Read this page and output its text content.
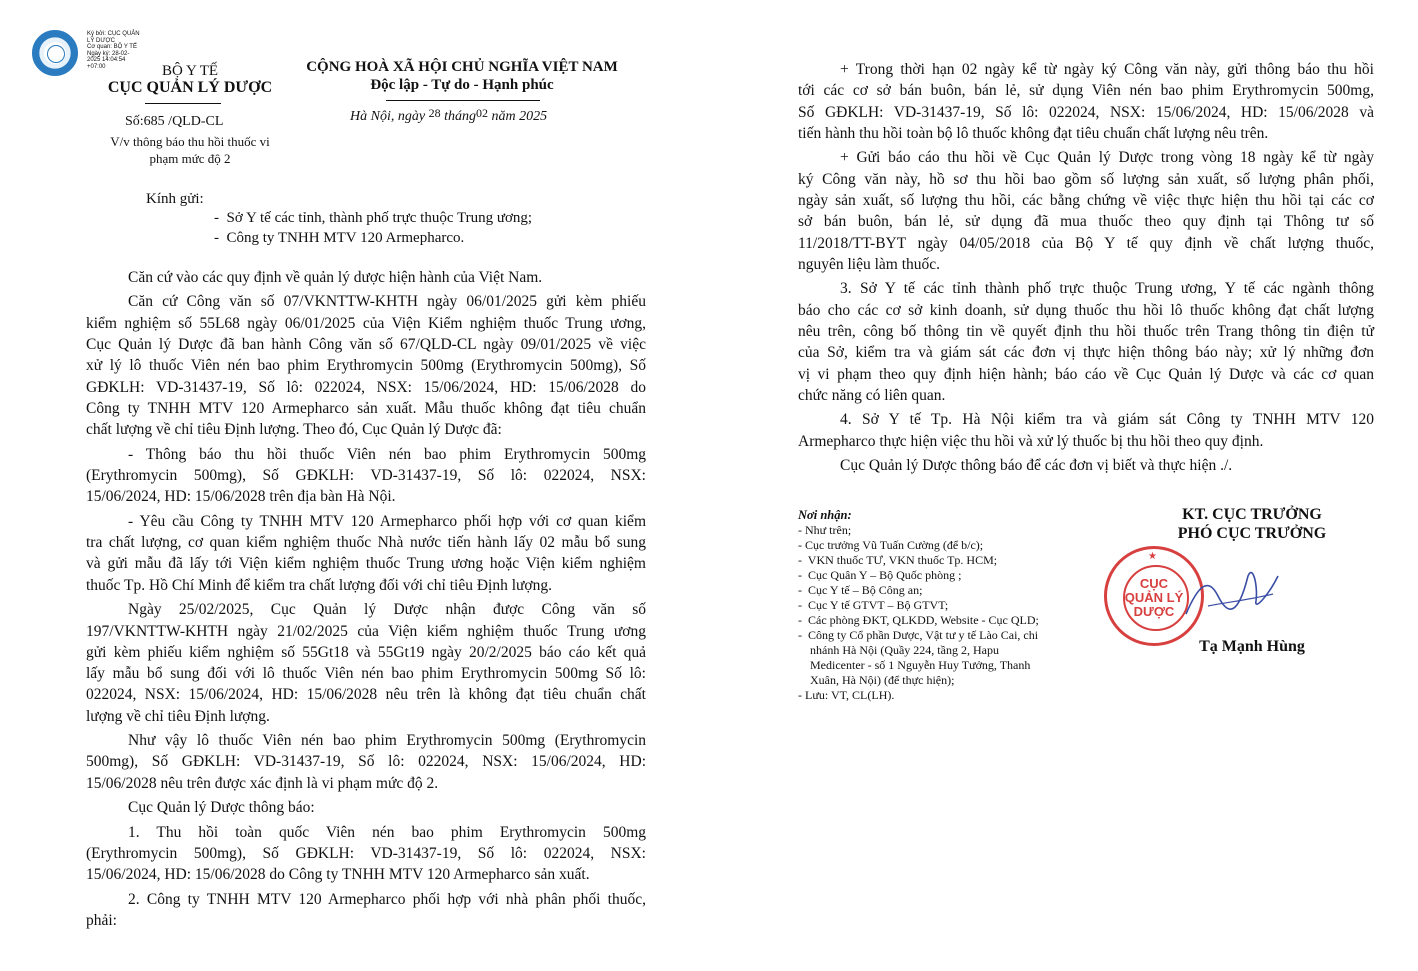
Ký bởi: CỤC QUẢN
LÝ DƯỢC
Cơ quan: BỘ Y TẾ
Ngày ký: 28-02-
2025 14:04:54
+07:00	BỘ Y TẾ
CỤC QUẢN LÝ DƯỢC
Số:685 /QLD-CL
V/v thông báo thu hồi thuốc vi
phạm mức độ 2
CỘNG HOÀ XÃ HỘI CHỦ NGHĨA VIỆT NAM
Độc lập - Tự do - Hạnh phúc
Hà Nội, ngày 28 tháng02 năm 2025
Kính gửi:
-  Sở Y tế các tỉnh, thành phố trực thuộc Trung ương;
-  Công ty TNHH MTV 120 Armepharco.
Căn cứ vào các quy định về quản lý dược hiện hành của Việt Nam.
Căn cứ Công văn số 07/VKNTTW-KHTH ngày 06/01/2025 gửi kèm phiếu
kiểm nghiệm số 55L68 ngày 06/01/2025 của Viện Kiểm nghiệm thuốc Trung ương,
Cục Quản lý Dược đã ban hành Công văn số 67/QLD-CL ngày 09/01/2025 về việc
xử lý lô thuốc Viên nén bao phim Erythromycin 500mg (Erythromycin 500mg), Số
GĐKLH: VD-31437-19, Số lô: 022024, NSX: 15/06/2024, HD: 15/06/2028 do
Công ty TNHH MTV 120 Armepharco sản xuất. Mẫu thuốc không đạt tiêu chuẩn
chất lượng về chỉ tiêu Định lượng. Theo đó, Cục Quản lý Dược đã:
- Thông báo thu hồi thuốc Viên nén bao phim Erythromycin 500mg
(Erythromycin 500mg), Số GĐKLH: VD-31437-19, Số lô: 022024, NSX:
15/06/2024, HD: 15/06/2028 trên địa bàn Hà Nội.
- Yêu cầu Công ty TNHH MTV 120 Armepharco phối hợp với cơ quan kiểm
tra chất lượng, cơ quan kiểm nghiệm thuốc Nhà nước tiến hành lấy 02 mẫu bổ sung
và gửi mẫu đã lấy tới Viện kiểm nghiệm thuốc Trung ương hoặc Viện kiểm nghiệm
thuốc Tp. Hồ Chí Minh để kiểm tra chất lượng đối với chỉ tiêu Định lượng.
Ngày 25/02/2025, Cục Quản lý Dược nhận được Công văn số
197/VKNTTW-KHTH ngày 21/02/2025 của Viện kiểm nghiệm thuốc Trung ương
gửi kèm phiếu kiểm nghiệm số 55Gt18 và 55Gt19 ngày 20/2/2025 báo cáo kết quả
lấy mẫu bổ sung đối với lô thuốc Viên nén bao phim Erythromycin 500mg Số lô:
022024, NSX: 15/06/2024, HD: 15/06/2028 nêu trên là không đạt tiêu chuẩn chất
lượng về chỉ tiêu Định lượng.
Như vậy lô thuốc Viên nén bao phim Erythromycin 500mg (Erythromycin
500mg), Số GĐKLH: VD-31437-19, Số lô: 022024, NSX: 15/06/2024, HD:
15/06/2028 nêu trên được xác định là vi phạm mức độ 2.
Cục Quản lý Dược thông báo:
1. Thu hồi toàn quốc Viên nén bao phim Erythromycin 500mg
(Erythromycin 500mg), Số GĐKLH: VD-31437-19, Số lô: 022024, NSX:
15/06/2024, HD: 15/06/2028 do Công ty TNHH MTV 120 Armepharco sản xuất.
2. Công ty TNHH MTV 120 Armepharco phối hợp với nhà phân phối thuốc,
phải:
+ Trong thời hạn 02 ngày kể từ ngày ký Công văn này, gửi thông báo thu hồi
tới các cơ sở bán buôn, bán lẻ, sử dụng Viên nén bao phim Erythromycin 500mg,
Số GĐKLH: VD-31437-19, Số lô: 022024, NSX: 15/06/2024, HD: 15/06/2028 và
tiến hành thu hồi toàn bộ lô thuốc không đạt tiêu chuẩn chất lượng nêu trên.
+ Gửi báo cáo thu hồi về Cục Quản lý Dược trong vòng 18 ngày kể từ ngày
ký Công văn này, hồ sơ thu hồi bao gồm số lượng sản xuất, số lượng phân phối,
ngày sản xuất, số lượng thu hồi, các bằng chứng về việc thực hiện thu hồi tại các cơ
sở bán buôn, bán lẻ, sử dụng đã mua thuốc theo quy định tại Thông tư số
11/2018/TT-BYT ngày 04/05/2018 của Bộ Y tế quy định về chất lượng thuốc,
nguyên liệu làm thuốc.
3. Sở Y tế các tỉnh thành phố trực thuộc Trung ương, Y tế các ngành thông
báo cho các cơ sở kinh doanh, sử dụng thuốc thu hồi lô thuốc không đạt chất lượng
nêu trên, công bố thông tin về quyết định thu hồi thuốc trên Trang thông tin điện tử
của Sở, kiểm tra và giám sát các đơn vị thực hiện thông báo này; xử lý những đơn
vị vi phạm theo quy định hiện hành; báo cáo về Cục Quản lý Dược và các cơ quan
chức năng có liên quan.
4. Sở Y tế Tp. Hà Nội kiểm tra và giám sát Công ty TNHH MTV 120
Armepharco thực hiện việc thu hồi và xử lý thuốc bị thu hồi theo quy định.
Cục Quản lý Dược thông báo để các đơn vị biết và thực hiện ./.
Nơi nhận:
- Như trên;
- Cục trưởng Vũ Tuấn Cường (để b/c);
-  VKN thuốc TƯ, VKN thuốc Tp. HCM;
-  Cục Quân Y – Bộ Quốc phòng ;
-  Cục Y tế – Bộ Công an;
-  Cục Y tế GTVT – Bộ GTVT;
-  Các phòng ĐKT, QLKDD, Website - Cục QLD;
-  Công ty Cổ phần Dược, Vật tư y tế Lào Cai, chi
nhánh Hà Nội (Quầy 224, tầng 2, Hapu
Medicenter - số 1 Nguyễn Huy Tưởng, Thanh
Xuân, Hà Nội) (để thực hiện);
- Lưu: VT, CL(LH).
KT. CỤC TRƯỞNG
PHÓ CỤC TRƯỞNG
CỤC
QUẢN LÝ
DƯỢC
★
Tạ Mạnh Hùng
